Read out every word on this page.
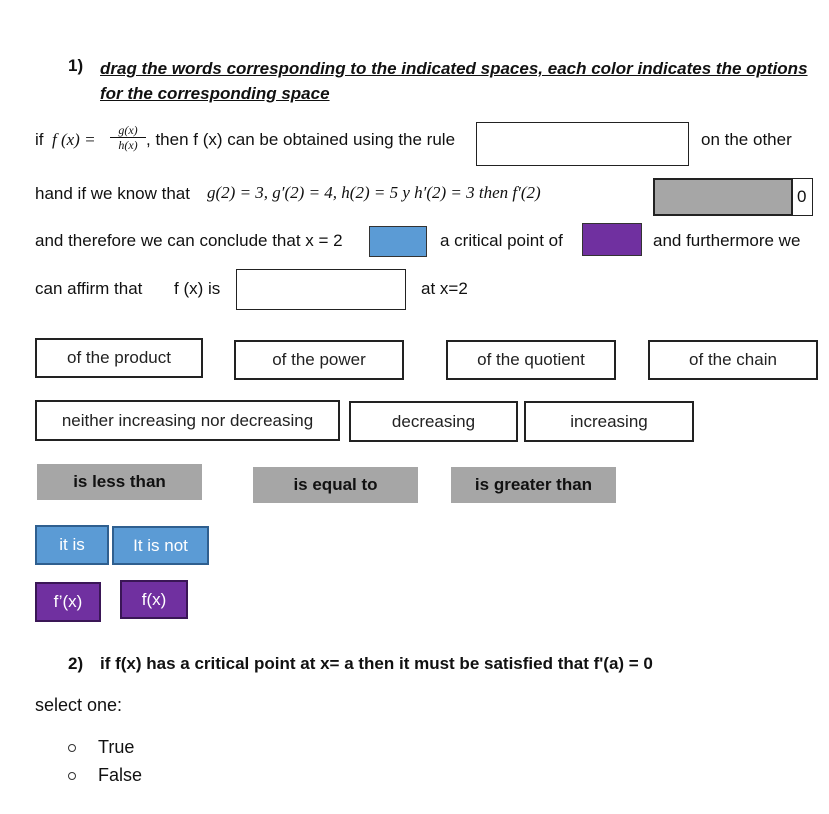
1) drag the words corresponding to the indicated spaces, each color indicates the options
for the corresponding space
if f $(x) = \frac{g(x)}{h(x)}$ , then f (x) can be obtained using the rule	on the other
hand if we know that g(2) = 3, g′(2) = 4, h(2) = 5 y h′(2) = 3 then f′(2)	0
and therefore we can conclude that x = 2	a critical point of	and furthermore we
can affirm that f (x) is	at x=2
of the product	of the power	of the quotient	of the chain
neither increasing nor decreasing	decreasing	increasing
is less than	is equal to	is greater than
it is	It is not
f’(x)	f(x)
2) if f(x) has a critical point at x= a then it must be satisfied that f'(a) = 0
select one:
True
False
